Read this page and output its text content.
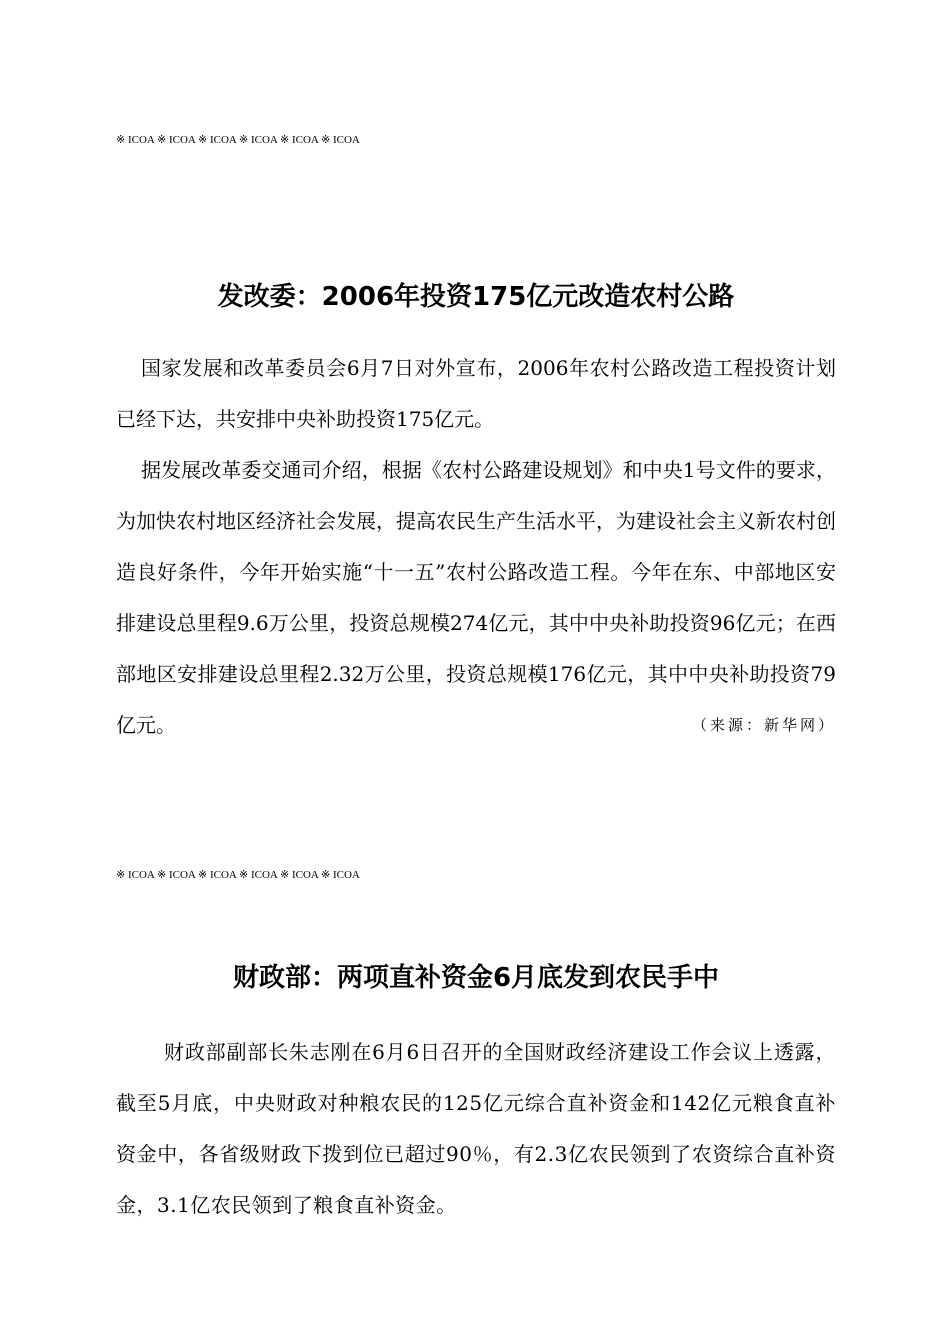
※ ICOA ※ ICOA ※ ICOA ※ ICOA ※ ICOA ※ ICOA
发改委：2006年投资175亿元改造农村公路

国家发展和改革委员会6月7日对外宣布，2006年农村公路改造工程投资计划已经下达，共安排中央补助投资175亿元。

据发展改革委交通司介绍，根据《农村公路建设规划》和中央1号文件的要求，为加快农村地区经济社会发展，提高农民生产生活水平，为建设社会主义新农村创造良好条件，今年开始实施“十一五”农村公路改造工程。今年在东、中部地区安排建设总里程9.6万公里，投资总规模274亿元，其中中央补助投资96亿元；在西部地区安排建设总里程2.32万公里，投资总规模176亿元，其中中央补助投资79亿元。	（来源：新华网）

※ ICOA ※ ICOA ※ ICOA ※ ICOA ※ ICOA ※ ICOA
财政部：两项直补资金6月底发到农民手中

财政部副部长朱志刚在6月6日召开的全国财政经济建设工作会议上透露，截至5月底，中央财政对种粮农民的125亿元综合直补资金和142亿元粮食直补资金中，各省级财政下拨到位已超过90％，有2.3亿农民领到了农资综合直补资金，3.1亿农民领到了粮食直补资金。
